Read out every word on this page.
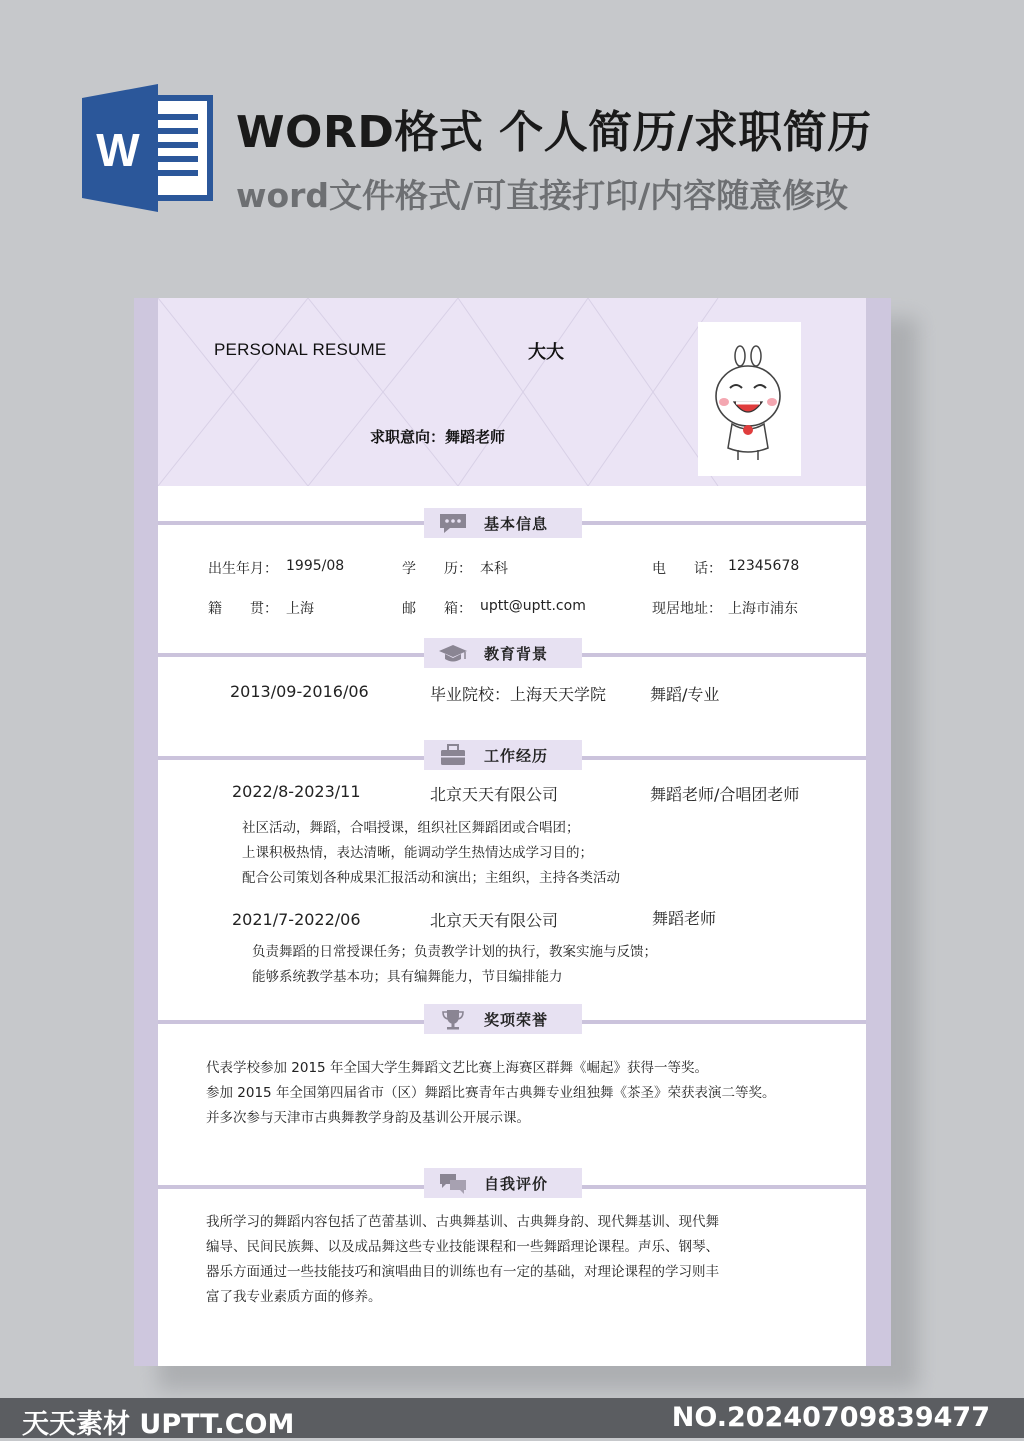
W WORD格式 个人简历/求职简历
word文件格式/可直接打印/内容随意修改
PERSONAL RESUME	大大
求职意向：舞蹈老师
基本信息
出生年月： 1995/08	学　　历： 本科	电　　话： 12345678
籍　　贯： 上海	邮　　箱： uptt@uptt.com	现居地址： 上海市浦东
教育背景
2013/09-2016/06	毕业院校：上海天天学院	舞蹈/专业
工作经历
2022/8-2023/11	北京天天有限公司	舞蹈老师/合唱团老师
社区活动，舞蹈，合唱授课，组织社区舞蹈团或合唱团；
上课积极热情，表达清晰，能调动学生热情达成学习目的；
配合公司策划各种成果汇报活动和演出；主组织，主持各类活动
2021/7-2022/06	北京天天有限公司	舞蹈老师
负责舞蹈的日常授课任务；负责教学计划的执行，教案实施与反馈；
能够系统教学基本功；具有编舞能力，节目编排能力
奖项荣誉
代表学校参加 2015 年全国大学生舞蹈文艺比赛上海赛区群舞《崛起》获得一等奖。
参加 2015 年全国第四届省市（区）舞蹈比赛青年古典舞专业组独舞《茶圣》荣获表演二等奖。
并多次参与天津市古典舞教学身韵及基训公开展示课。
自我评价
我所学习的舞蹈内容包括了芭蕾基训、古典舞基训、古典舞身韵、现代舞基训、现代舞
编导、民间民族舞、以及成品舞这些专业技能课程和一些舞蹈理论课程。声乐、钢琴、
器乐方面通过一些技能技巧和演唱曲目的训练也有一定的基础，对理论课程的学习则丰
富了我专业素质方面的修养。
天天素材 UPTT.COM	NO.20240709839477
